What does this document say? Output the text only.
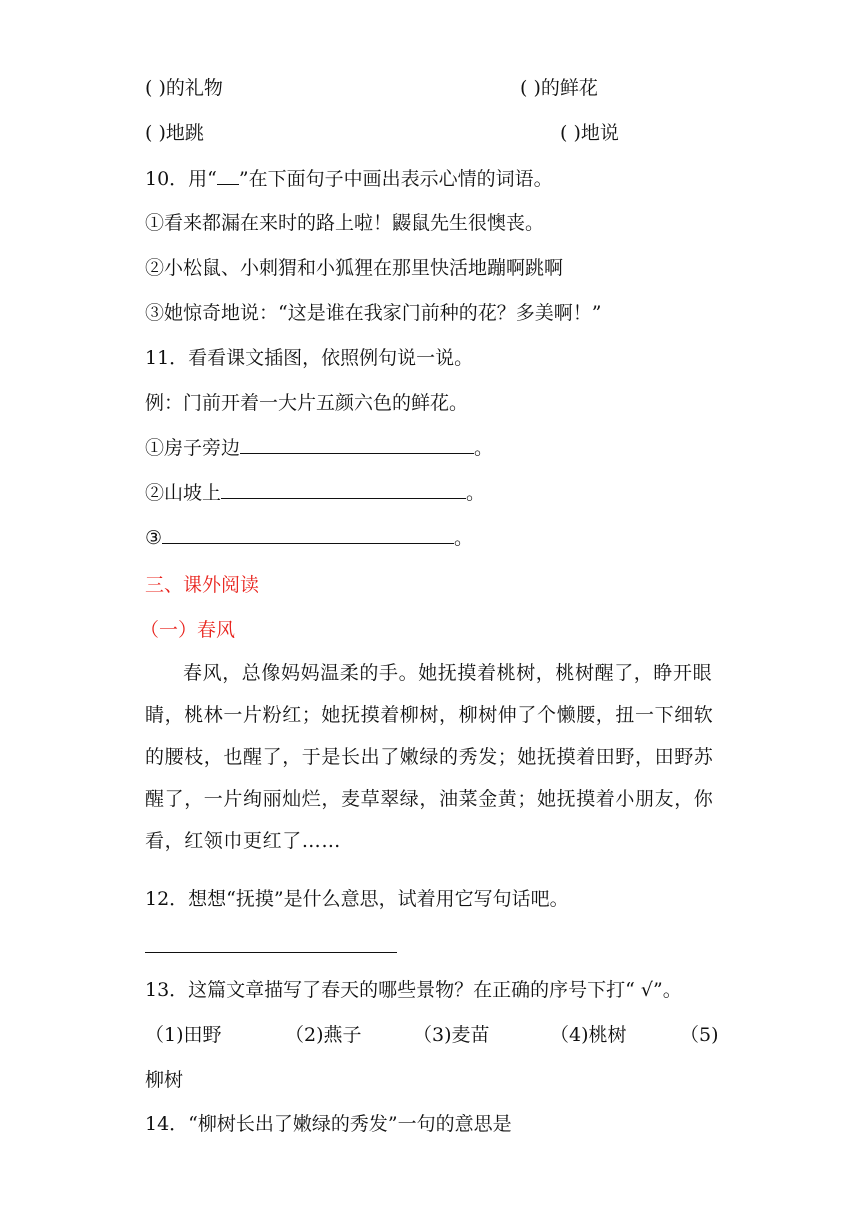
( )的礼物	( )的鲜花
( )地跳	( )地说
10．用“ ”在下面句子中画出表示心情的词语。
①看来都漏在来时的路上啦！鼹鼠先生很懊丧。
②小松鼠、小刺猬和小狐狸在那里快活地蹦啊跳啊
③她惊奇地说：“这是谁在我家门前种的花？多美啊！”
11．看看课文插图，依照例句说一说。
例：门前开着一大片五颜六色的鲜花。
①房子旁边	。
②山坡上	。
③	。
三、课外阅读
（一）春风
春风，总像妈妈温柔的手。她抚摸着桃树，桃树醒了，睁开眼睛，桃林一片粉红；她抚摸着柳树，柳树伸了个懒腰，扭一下细软的腰枝，也醒了，于是长出了嫩绿的秀发；她抚摸着田野，田野苏醒了，一片绚丽灿烂，麦草翠绿，油菜金黄；她抚摸着小朋友，你看，红领巾更红了……
12．想想“抚摸”是什么意思，试着用它写句话吧。
13．这篇文章描写了春天的哪些景物？在正确的序号下打“ √”。
（1)田野	（2)燕子	（3)麦苗	（4)桃树	（5)
柳树
14．“柳树长出了嫩绿的秀发”一句的意思是
